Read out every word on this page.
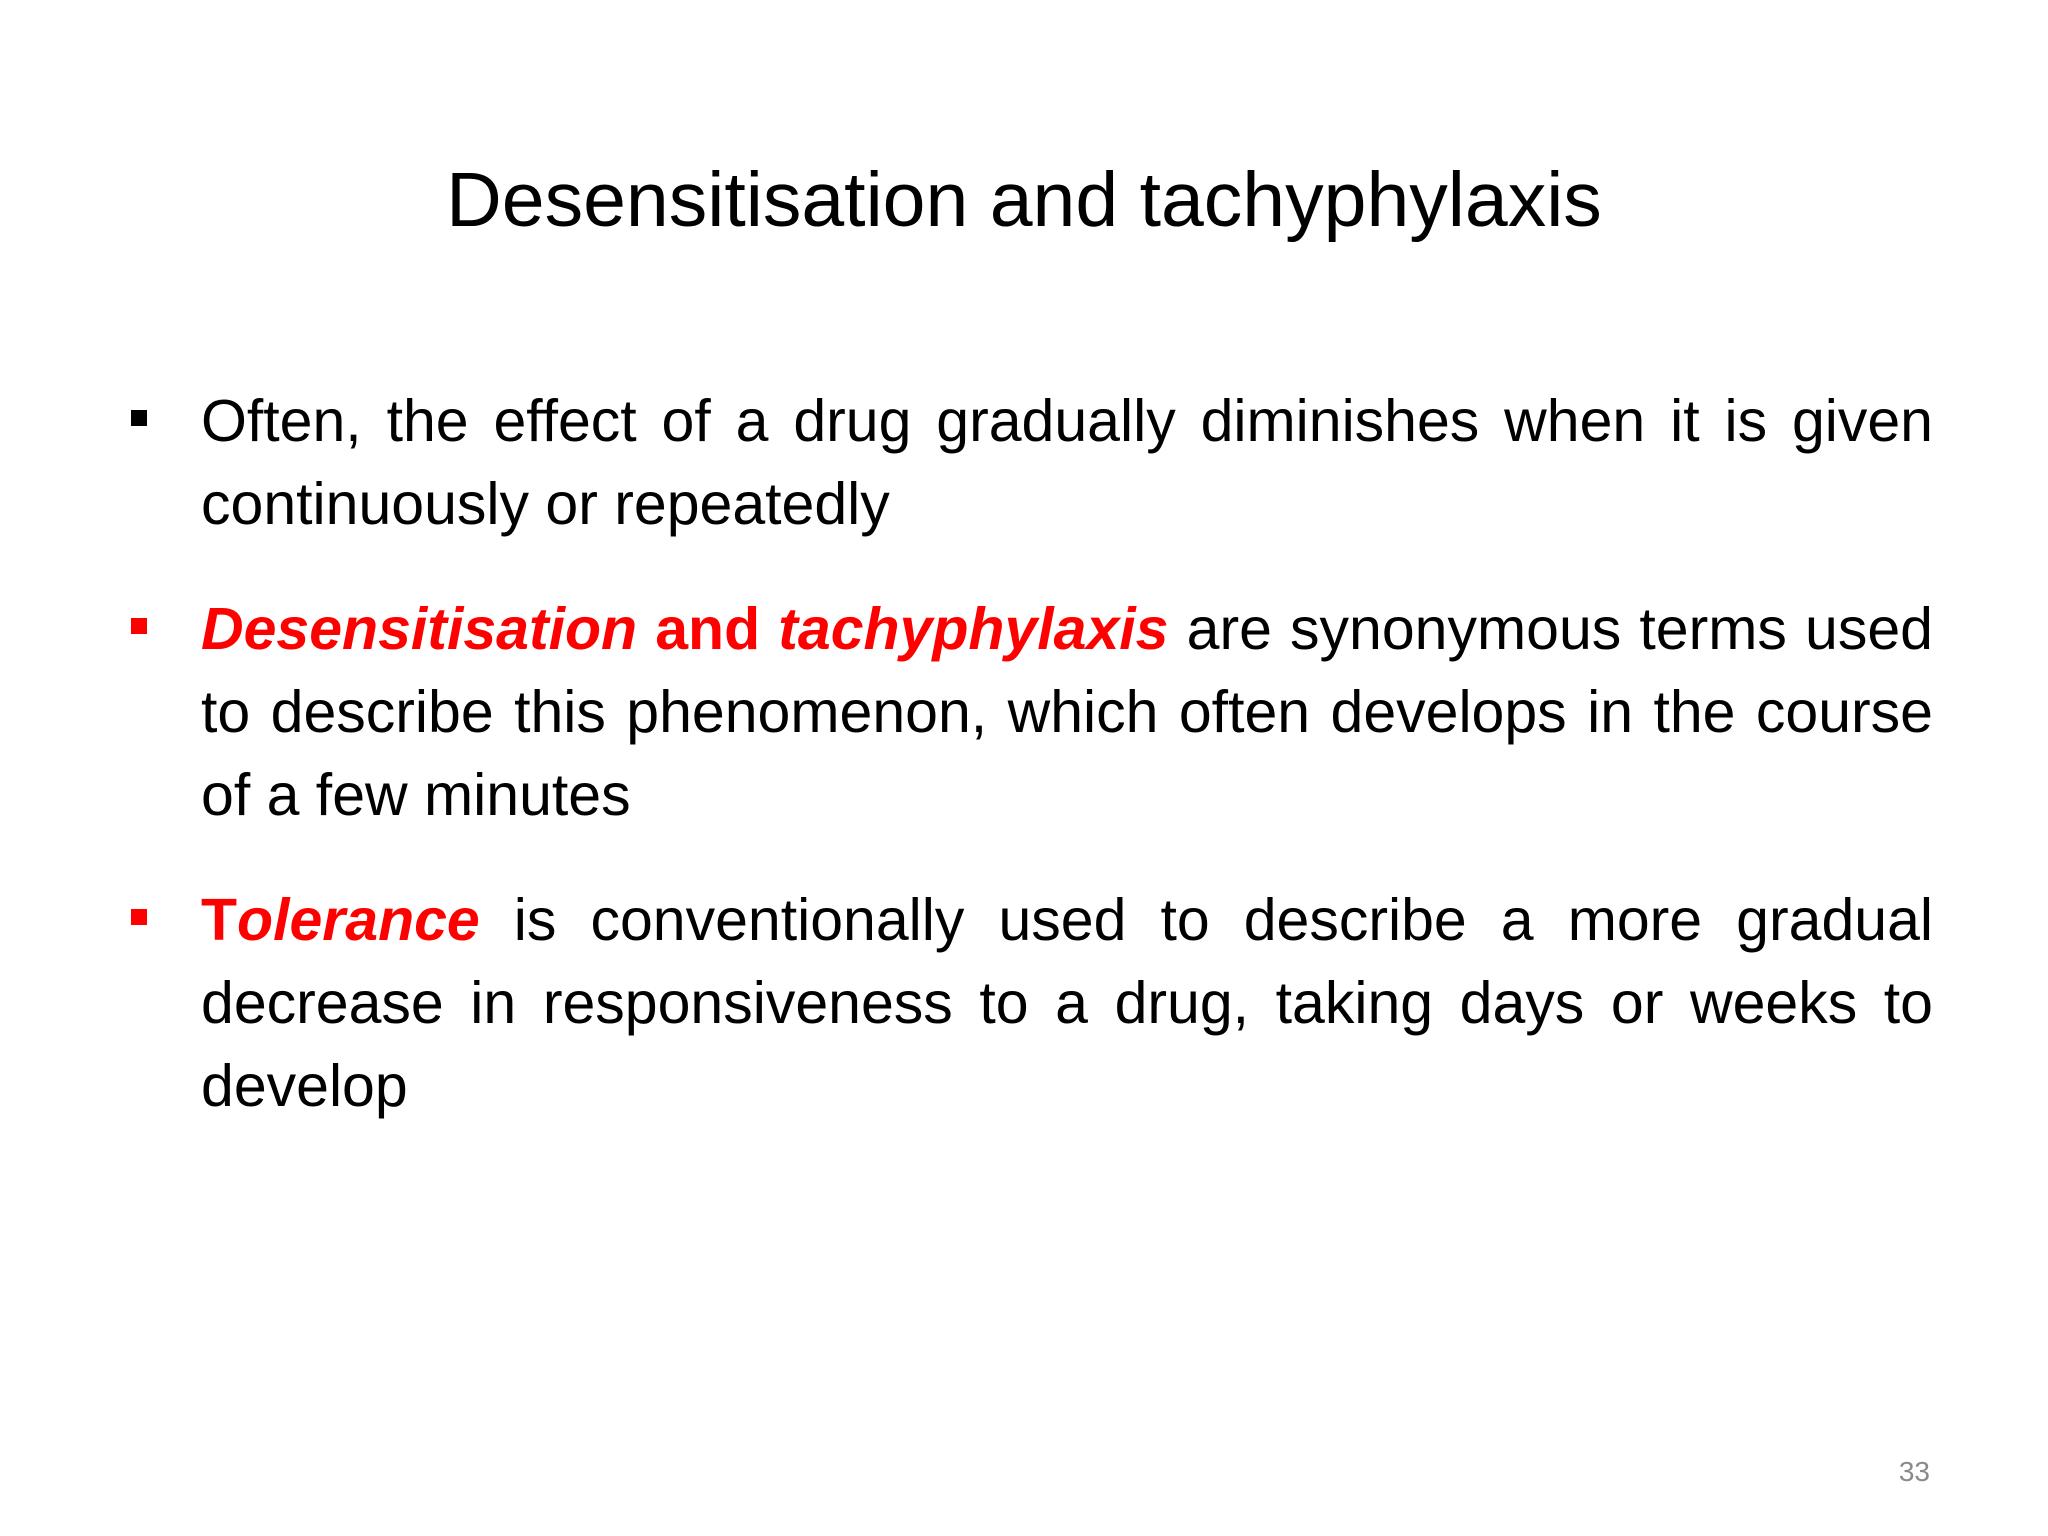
Desensitisation and tachyphylaxis
Often, the effect of a drug gradually diminishes when it is given continuously or repeatedly
Desensitisation and tachyphylaxis are synonymous terms used to describe this phenomenon, which often develops in the course of a few minutes
Tolerance is conventionally used to describe a more gradual decrease in responsiveness to a drug, taking days or weeks to develop
33
